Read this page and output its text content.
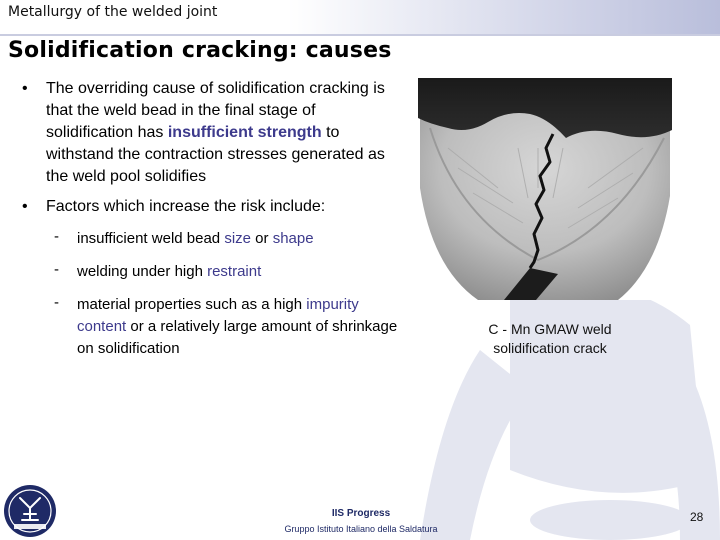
Metallurgy of the welded joint
Solidification cracking: causes
• The overriding cause of solidification cracking is that the weld bead in the final stage of solidification has insufficient strength to withstand the contraction stresses generated as the weld pool solidifies
• Factors which increase the risk include:
- insufficient weld bead size or shape
- welding under high restraint
- material properties such as a high impurity content or a relatively large amount of shrinkage on solidification
C - Mn GMAW weld
solidification crack
IIS Progress
Gruppo Istituto Italiano della Saldatura
28
